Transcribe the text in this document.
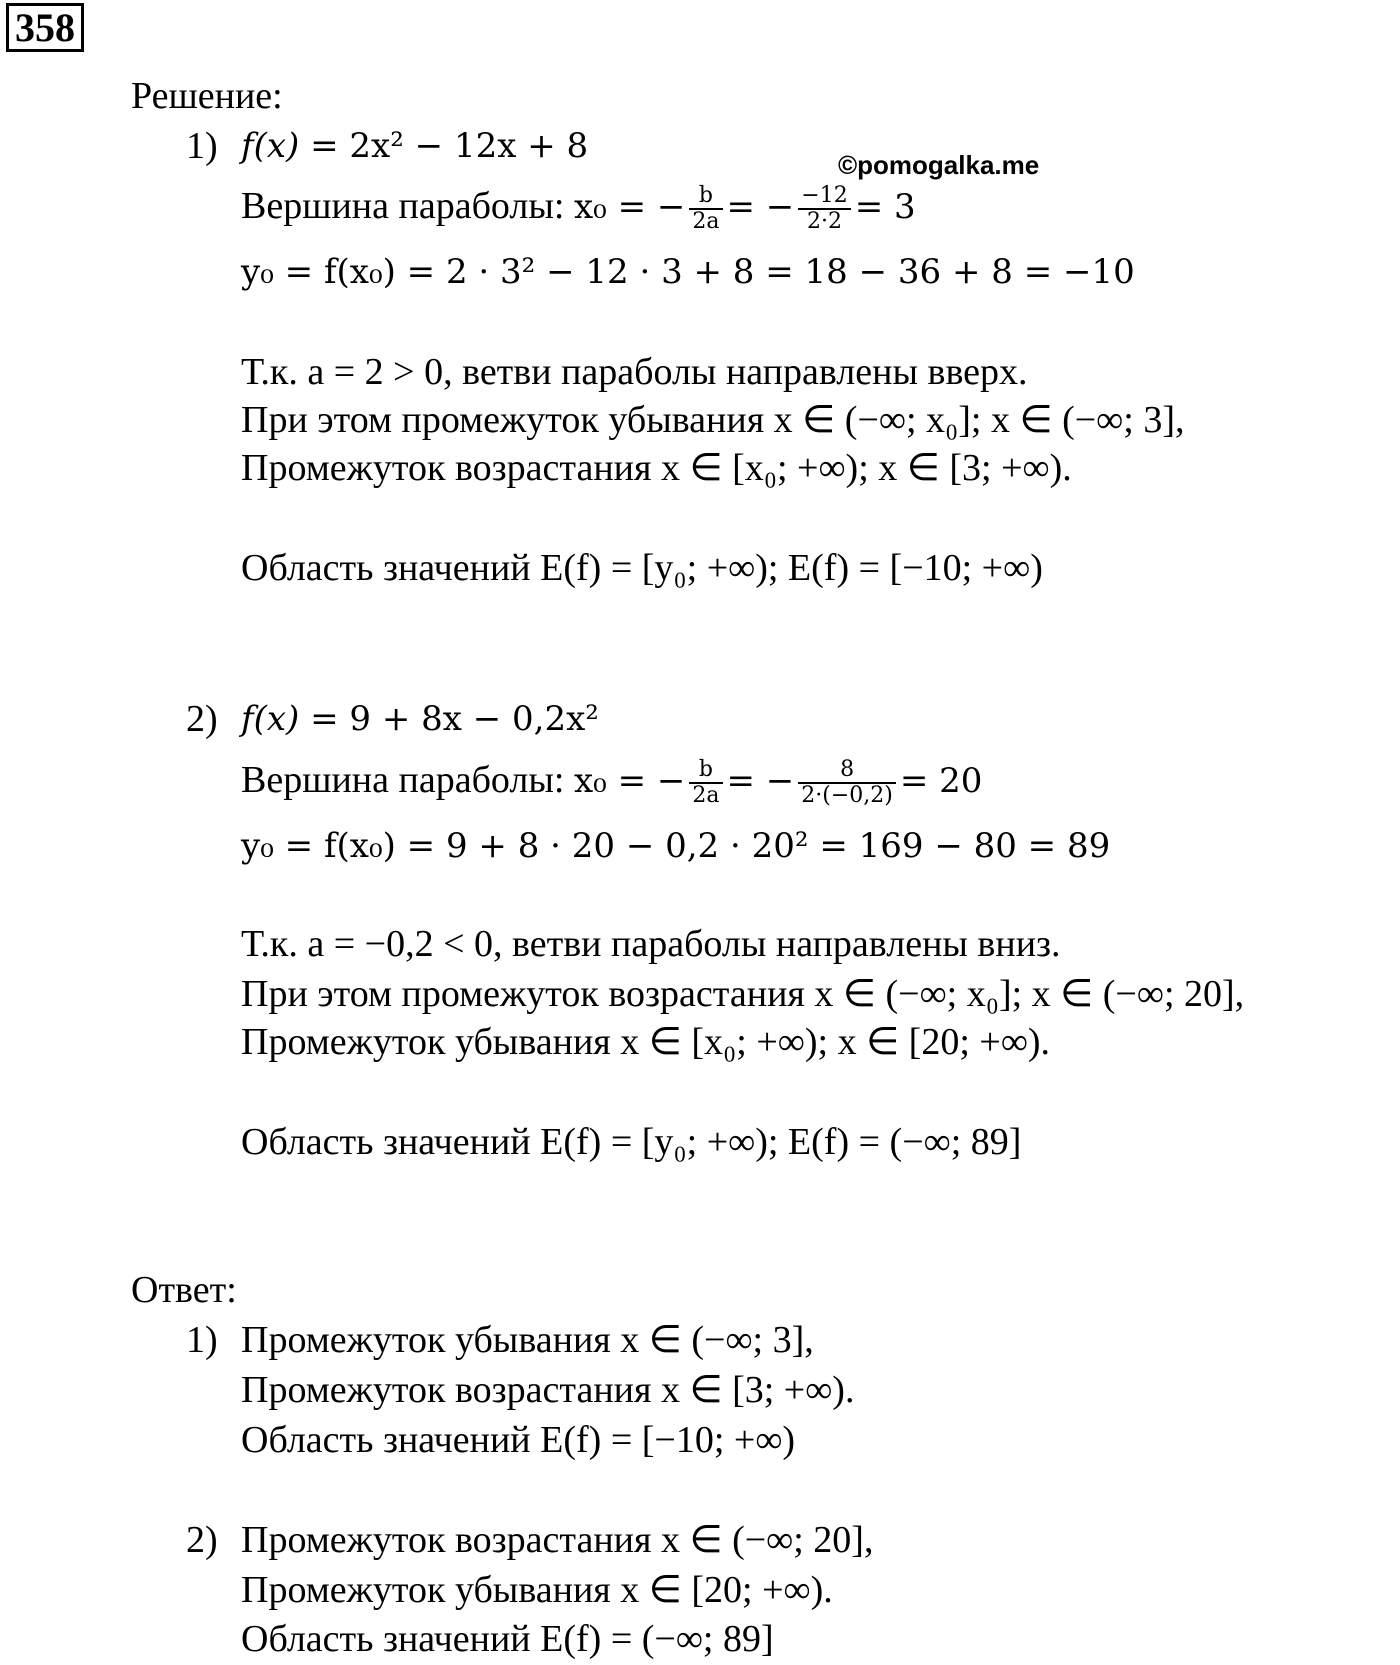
358
©pomogalka.me
Решение:
1) f(x) = 2x² − 12x + 8
Вершина параболы: x₀ = − $\frac{b}{2a}$ = − $\frac{-12}{2\cdot 2} = 3$
y₀ = f(x₀) = 2 · 3² − 12 · 3 + 8 = 18 − 36 + 8 = −10
Т.к. a = 2 > 0, ветви параболы направлены вверх.
При этом промежуток убывания x ∈ (−∞; x₀]; x ∈ (−∞; 3],
Промежуток возрастания x ∈ [x₀; +∞); x ∈ [3; +∞).
Область значений E(f) = [y₀; +∞); E(f) = [−10; +∞)
2) f(x) = 9 + 8x − 0,2x²
Вершина параболы: x₀ = − $\frac{b}{2a}$ = − $\frac{8}{2\cdot(-0,2)} = 20$
y₀ = f(x₀) = 9 + 8 · 20 − 0,2 · 20² = 169 − 80 = 89
Т.к. a = −0,2 < 0, ветви параболы направлены вниз.
При этом промежуток возрастания x ∈ (−∞; x₀]; x ∈ (−∞; 20],
Промежуток убывания x ∈ [x₀; +∞); x ∈ [20; +∞).
Область значений E(f) = [y₀; +∞); E(f) = (−∞; 89]
Ответ:
1) Промежуток убывания x ∈ (−∞; 3],
Промежуток возрастания x ∈ [3; +∞).
Область значений E(f) = [−10; +∞)
2) Промежуток возрастания x ∈ (−∞; 20],
Промежуток убывания x ∈ [20; +∞).
Область значений E(f) = (−∞; 89]
